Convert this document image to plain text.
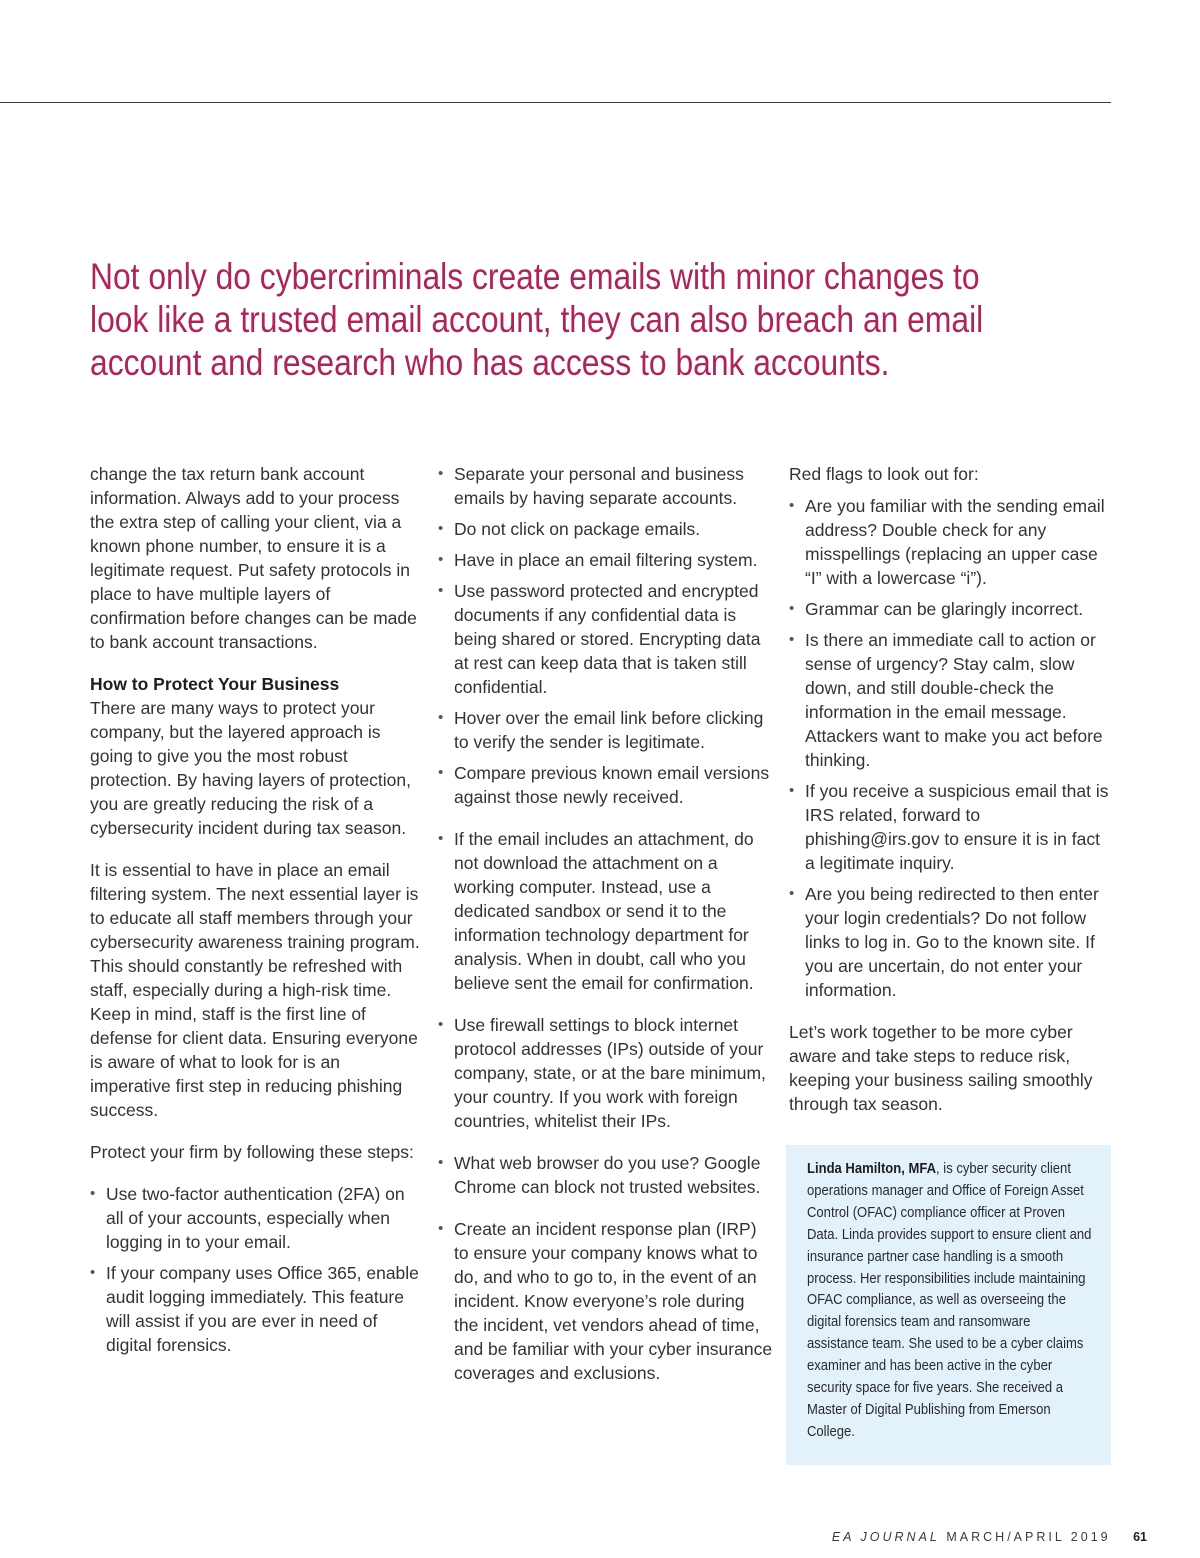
Not only do cybercriminals create emails with minor changes to look like a trusted email account, they can also breach an email account and research who has access to bank accounts.

change the tax return bank account information. Always add to your process the extra step of calling your client, via a known phone number, to ensure it is a legitimate request. Put safety protocols in place to have multiple layers of confirmation before changes can be made to bank account transactions.

How to Protect Your Business

There are many ways to protect your company, but the layered approach is going to give you the most robust protection. By having layers of protection, you are greatly reducing the risk of a cybersecurity incident during tax season.

It is essential to have in place an email filtering system. The next essential layer is to educate all staff members through your cybersecurity awareness training program. This should constantly be refreshed with staff, especially during a high-risk time. Keep in mind, staff is the first line of defense for client data. Ensuring everyone is aware of what to look for is an imperative first step in reducing phishing success.

Protect your firm by following these steps:

• Use two-factor authentication (2FA) on all of your accounts, especially when logging in to your email.
• If your company uses Office 365, enable audit logging immediately. This feature will assist if you are ever in need of digital forensics.
• Separate your personal and business emails by having separate accounts.
• Do not click on package emails.
• Have in place an email filtering system.
• Use password protected and encrypted documents if any confidential data is being shared or stored. Encrypting data at rest can keep data that is taken still confidential.
• Hover over the email link before clicking to verify the sender is legitimate.
• Compare previous known email versions against those newly received.
• If the email includes an attachment, do not download the attachment on a working computer. Instead, use a dedicated sandbox or send it to the information technology department for analysis. When in doubt, call who you believe sent the email for confirmation.
• Use firewall settings to block internet protocol addresses (IPs) outside of your company, state, or at the bare minimum, your country. If you work with foreign countries, whitelist their IPs.
• What web browser do you use? Google Chrome can block not trusted websites.
• Create an incident response plan (IRP) to ensure your company knows what to do, and who to go to, in the event of an incident. Know everyone’s role during the incident, vet vendors ahead of time, and be familiar with your cyber insurance coverages and exclusions.

Red flags to look out for:

• Are you familiar with the sending email address? Double check for any misspellings (replacing an upper case “I” with a lowercase “i”).
• Grammar can be glaringly incorrect.
• Is there an immediate call to action or sense of urgency? Stay calm, slow down, and still double-check the information in the email message. Attackers want to make you act before thinking.
• If you receive a suspicious email that is IRS related, forward to phishing@irs.gov to ensure it is in fact a legitimate inquiry.
• Are you being redirected to then enter your login credentials? Do not follow links to log in. Go to the known site. If you are uncertain, do not enter your information.

Let’s work together to be more cyber aware and take steps to reduce risk, keeping your business sailing smoothly through tax season.

Linda Hamilton, MFA, is cyber security client operations manager and Office of Foreign Asset Control (OFAC) compliance officer at Proven Data. Linda provides support to ensure client and insurance partner case handling is a smooth process. Her responsibilities include maintaining OFAC compliance, as well as overseeing the digital forensics team and ransomware assistance team. She used to be a cyber claims examiner and has been active in the cyber security space for five years. She received a Master of Digital Publishing from Emerson College.

EA JOURNAL MARCH/APRIL 2019 61
